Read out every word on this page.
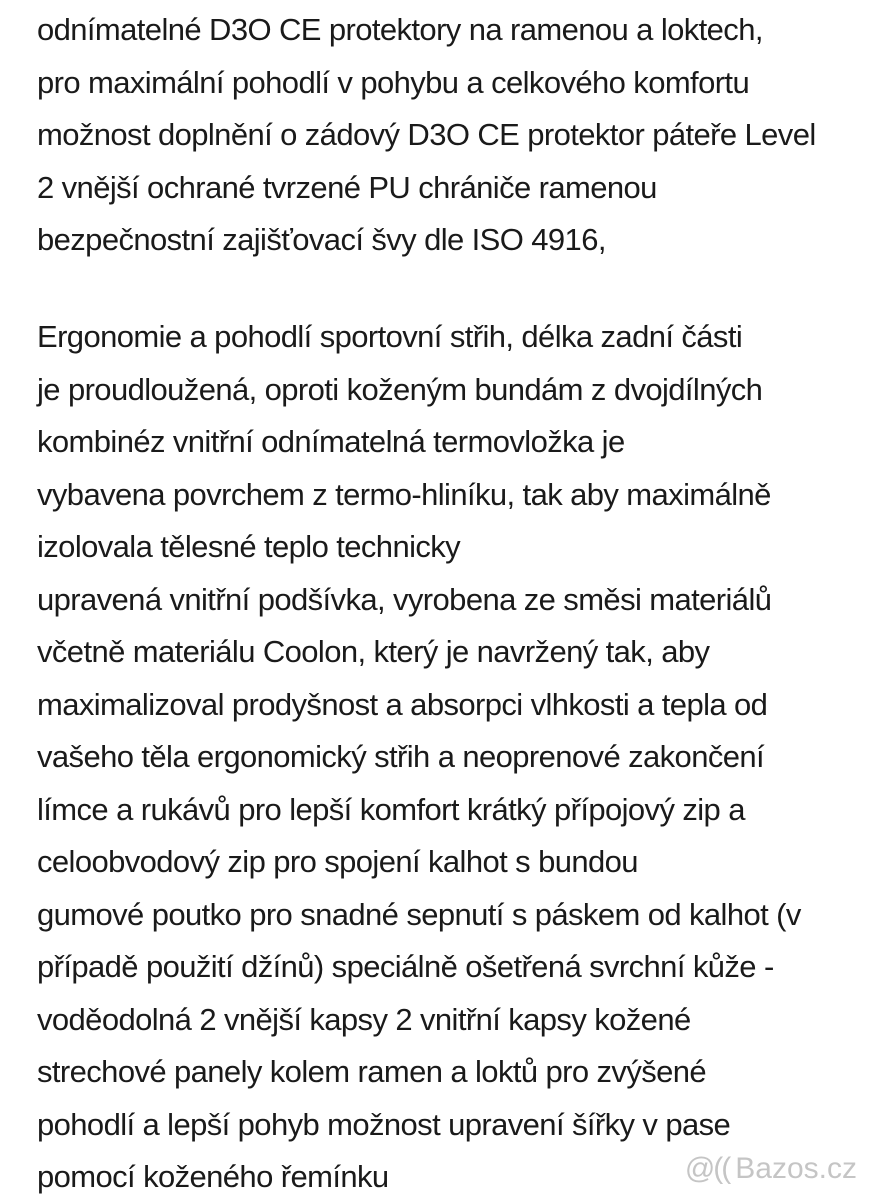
odnímatelné D3O CE protektory na ramenou a loktech,
pro maximální pohodlí v pohybu a celkového komfortu
možnost doplnění o zádový D3O CE protektor páteře Level
2 vnější ochrané tvrzené PU chrániče ramenou
bezpečnostní zajišťovací švy dle ISO 4916,
Ergonomie a pohodlí sportovní střih, délka zadní části
je proudloužená, oproti koženým bundám z dvojdílných
kombinéz vnitřní odnímatelná termovložka je
vybavena povrchem z termo-hliníku, tak aby maximálně
izolovala tělesné teplo technicky
upravená vnitřní podšívka, vyrobena ze směsi materiálů
včetně materiálu Coolon, který je navržený tak, aby
maximalizoval prodyšnost a absorpci vlhkosti a tepla od
vašeho těla ergonomický střih a neoprenové zakončení
límce a rukávů pro lepší komfort krátký přípojový zip a
celoobvodový zip pro spojení kalhot s bundou
gumové poutko pro snadné sepnutí s páskem od kalhot (v
případě použití džínů) speciálně ošetřená svrchní kůže -
voděodolná 2 vnější kapsy 2 vnitřní kapsy kožené
strechové panely kolem ramen a loktů pro zvýšené
pohodlí a lepší pohyb možnost upravení šířky v pase
pomocí koženého řemínku	@(( Bazos.cz
